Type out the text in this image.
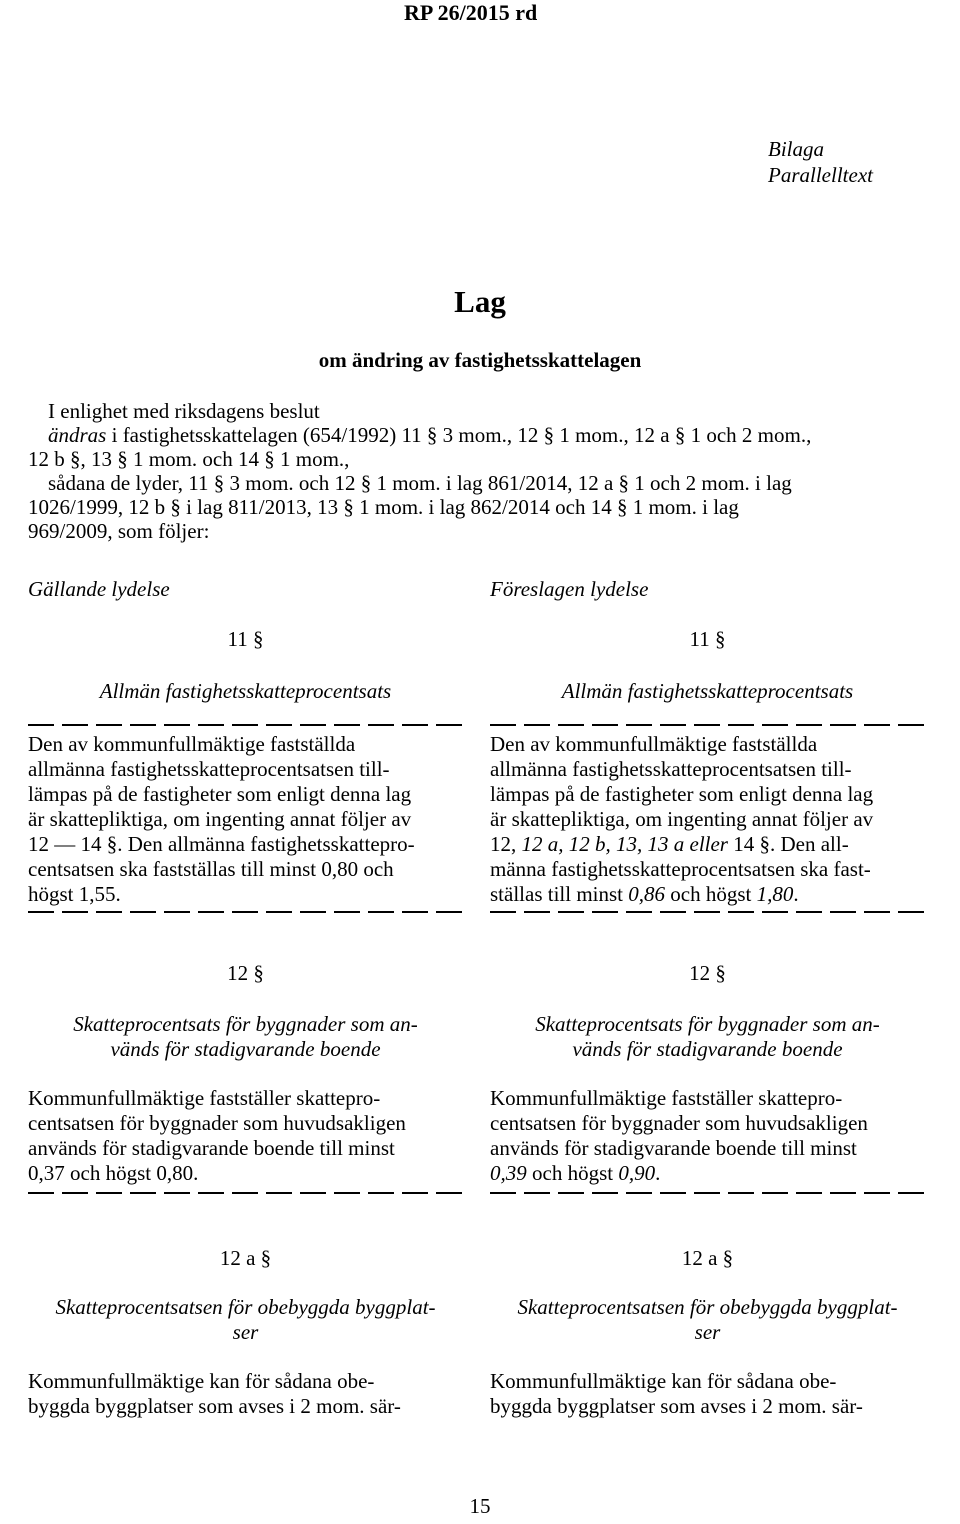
RP 26/2015 rd
Bilaga
Parallelltext
Lag
om ändring av fastighetsskattelagen
I enlighet med riksdagens beslut
ändras i fastighetsskattelagen (654/1992) 11 § 3 mom., 12 § 1 mom., 12 a § 1 och 2 mom.,
12 b §, 13 § 1 mom. och 14 § 1 mom.,
sådana de lyder, 11 § 3 mom. och 12 § 1 mom. i lag 861/2014, 12 a § 1 och 2 mom. i lag
1026/1999, 12 b § i lag 811/2013, 13 § 1 mom. i lag 862/2014 och 14 § 1 mom. i lag
969/2009, som följer:
Gällande lydelse	Föreslagen lydelse
11 §
Allmän fastighetsskatteprocentsats
Den av kommunfullmäktige fastställda
allmänna fastighetsskatteprocentsatsen till-
lämpas på de fastigheter som enligt denna lag
är skattepliktiga, om ingenting annat följer av
12 — 14 §. Den allmänna fastighetsskattepro-
centsatsen ska fastställas till minst 0,80 och
högst 1,55.
12 §
Skatteprocentsats för byggnader som an-
vänds för stadigvarande boende
Kommunfullmäktige fastställer skattepro-
centsatsen för byggnader som huvudsakligen
används för stadigvarande boende till minst
0,37 och högst 0,80.
12 a §
Skatteprocentsatsen för obebyggda byggplat-
ser
Kommunfullmäktige kan för sådana obe-
byggda byggplatser som avses i 2 mom. sär-
11 §
Allmän fastighetsskatteprocentsats
Den av kommunfullmäktige fastställda
allmänna fastighetsskatteprocentsatsen till-
lämpas på de fastigheter som enligt denna lag
är skattepliktiga, om ingenting annat följer av
12, 12 a, 12 b, 13, 13 a eller 14 §. Den all-
männa fastighetsskatteprocentsatsen ska fast-
ställas till minst 0,86 och högst 1,80 .
12 §
Skatteprocentsats för byggnader som an-
vänds för stadigvarande boende
Kommunfullmäktige fastställer skattepro-
centsatsen för byggnader som huvudsakligen
används för stadigvarande boende till minst
0,39 och högst 0,90 .
12 a §
Skatteprocentsatsen för obebyggda byggplat-
ser
Kommunfullmäktige kan för sådana obe-
byggda byggplatser som avses i 2 mom. sär-
15
